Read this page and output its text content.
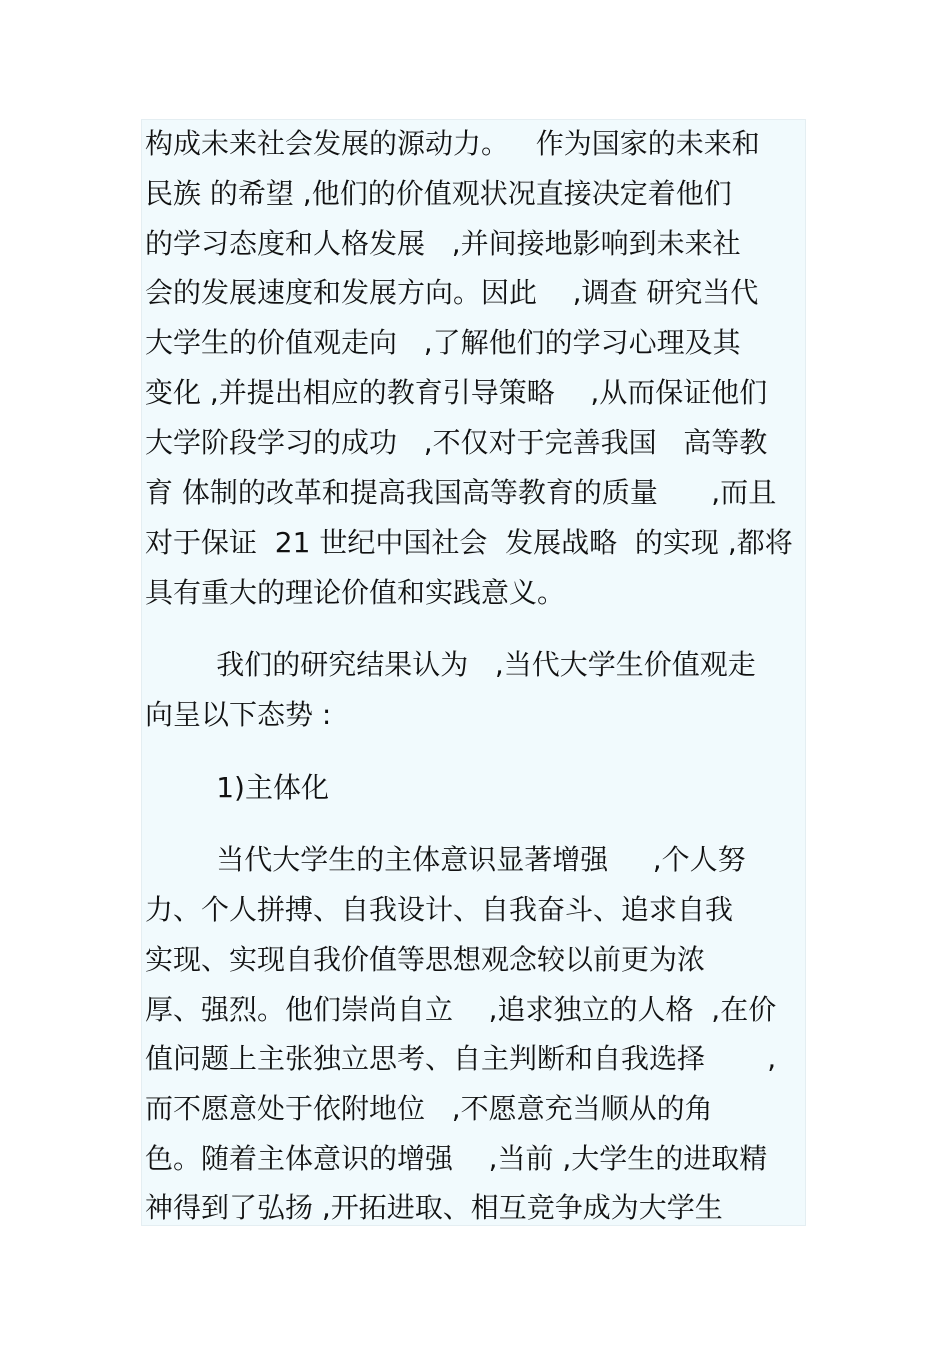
构成未来社会发展的源动力。   作为国家的未来和
民族 的希望 ,他们的价值观状况直接决定着他们
的学习态度和人格发展   ,并间接地影响到未来社
会的发展速度和发展方向。因此    ,调查 研究当代
大学生的价值观走向   ,了解他们的学习心理及其
变化 ,并提出相应的教育引导策略    ,从而保证他们
大学阶段学习的成功   ,不仅对于完善我国   高等教
育 体制的改革和提高我国高等教育的质量      ,而且
对于保证  21 世纪中国社会  发展战略  的实现 ,都将
具有重大的理论价值和实践意义。
我们的研究结果认为   ,当代大学生价值观走
向呈以下态势 :
1)主体化
当代大学生的主体意识显著增强     ,个人努
力、个人拼搏、自我设计、自我奋斗、追求自我
实现、实现自我价值等思想观念较以前更为浓
厚、强烈。他们崇尚自立    ,追求独立的人格  ,在价
值问题上主张独立思考、自主判断和自我选择       ,
而不愿意处于依附地位   ,不愿意充当顺从的角
色。随着主体意识的增强    ,当前 ,大学生的进取精
神得到了弘扬 ,开拓进取、相互竞争成为大学生
